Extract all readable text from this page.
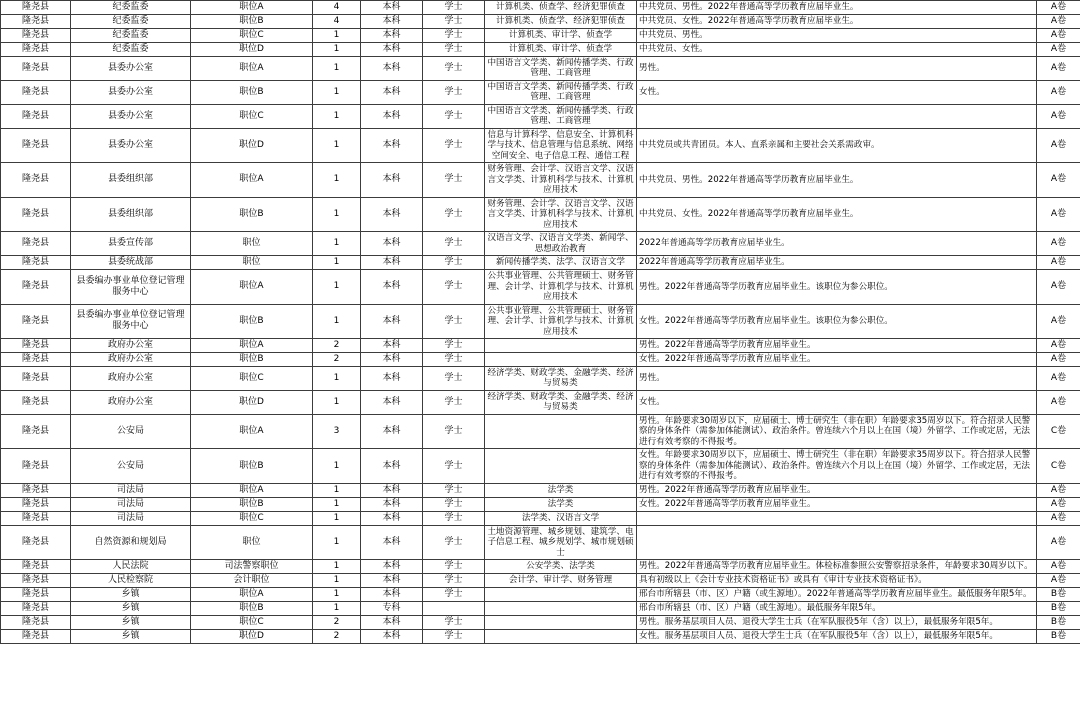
隆尧县	纪委监委	职位A	4	本科	学士	计算机类、侦查学、经济犯罪侦查	中共党员、男性。2022年普通高等学历教育应届毕业生。	A卷
隆尧县	纪委监委	职位B	4	本科	学士	计算机类、侦查学、经济犯罪侦查	中共党员、女性。2022年普通高等学历教育应届毕业生。	A卷
隆尧县	纪委监委	职位C	1	本科	学士	计算机类、审计学、侦查学	中共党员、男性。	A卷
隆尧县	纪委监委	职位D	1	本科	学士	计算机类、审计学、侦查学	中共党员、女性。	A卷
隆尧县	县委办公室	职位A	1	本科	学士	中国语言文学类、新闻传播学类、行政管理、工商管理	男性。	A卷
隆尧县	县委办公室	职位B	1	本科	学士	中国语言文学类、新闻传播学类、行政管理、工商管理	女性。	A卷
隆尧县	县委办公室	职位C	1	本科	学士	中国语言文学类、新闻传播学类、行政管理、工商管理		A卷
隆尧县	县委办公室	职位D	1	本科	学士	信息与计算科学、信息安全、计算机科学与技术、信息管理与信息系统、网络空间安全、电子信息工程、通信工程	中共党员或共青团员。本人、直系亲属和主要社会关系需政审。	A卷
隆尧县	县委组织部	职位A	1	本科	学士	财务管理、会计学、汉语言文学、汉语言文学类、计算机科学与技术、计算机应用技术	中共党员、男性。2022年普通高等学历教育应届毕业生。	A卷
隆尧县	县委组织部	职位B	1	本科	学士	财务管理、会计学、汉语言文学、汉语言文学类、计算机科学与技术、计算机应用技术	中共党员、女性。2022年普通高等学历教育应届毕业生。	A卷
隆尧县	县委宣传部	职位	1	本科	学士	汉语言文学、汉语言文学类、新闻学、思想政治教育	2022年普通高等学历教育应届毕业生。	A卷
隆尧县	县委统战部	职位	1	本科	学士	新闻传播学类、法学、汉语言文学	2022年普通高等学历教育应届毕业生。	A卷
隆尧县	县委编办事业单位登记管理服务中心	职位A	1	本科	学士	公共事业管理、公共管理硕士、财务管理、会计学、计算机学与技术、计算机应用技术	男性。2022年普通高等学历教育应届毕业生。该职位为参公职位。	A卷
隆尧县	县委编办事业单位登记管理服务中心	职位B	1	本科	学士	公共事业管理、公共管理硕士、财务管理、会计学、计算机学与技术、计算机应用技术	女性。2022年普通高等学历教育应届毕业生。该职位为参公职位。	A卷
隆尧县	政府办公室	职位A	2	本科	学士		男性。2022年普通高等学历教育应届毕业生。	A卷
隆尧县	政府办公室	职位B	2	本科	学士		女性。2022年普通高等学历教育应届毕业生。	A卷
隆尧县	政府办公室	职位C	1	本科	学士	经济学类、财政学类、金融学类、经济与贸易类	男性。	A卷
隆尧县	政府办公室	职位D	1	本科	学士	经济学类、财政学类、金融学类、经济与贸易类	女性。	A卷
隆尧县	公安局	职位A	3	本科	学士		男性。年龄要求30周岁以下，应届硕士、博士研究生（非在职）年龄要求35周岁以下。符合招录人民警察的身体条件（需参加体能测试）、政治条件。曾连续六个月以上在国（境）外留学、工作或定居，无法进行有效考察的不得报考。	C卷
隆尧县	公安局	职位B	1	本科	学士		女性。年龄要求30周岁以下，应届硕士、博士研究生（非在职）年龄要求35周岁以下。符合招录人民警察的身体条件（需参加体能测试）、政治条件。曾连续六个月以上在国（境）外留学、工作或定居，无法进行有效考察的不得报考。	C卷
隆尧县	司法局	职位A	1	本科	学士	法学类	男性。2022年普通高等学历教育应届毕业生。	A卷
隆尧县	司法局	职位B	1	本科	学士	法学类	女性。2022年普通高等学历教育应届毕业生。	A卷
隆尧县	司法局	职位C	1	本科	学士	法学类、汉语言文学		A卷
隆尧县	自然资源和规划局	职位	1	本科	学士	土地资源管理、城乡规划、建筑学、电子信息工程、城乡规划学、城市规划硕士		A卷
隆尧县	人民法院	司法警察职位	1	本科	学士	公安学类、法学类	男性。2022年普通高等学历教育应届毕业生。体检标准参照公安警察招录条件，年龄要求30周岁以下。	A卷
隆尧县	人民检察院	会计职位	1	本科	学士	会计学、审计学、财务管理	具有初级以上《会计专业技术资格证书》或具有《审计专业技术资格证书》。	A卷
隆尧县	乡镇	职位A	1	本科	学士		邢台市所辖县（市、区）户籍（或生源地）。2022年普通高等学历教育应届毕业生。最低服务年限5年。	B卷
隆尧县	乡镇	职位B	1	专科			邢台市所辖县（市、区）户籍（或生源地）。最低服务年限5年。	B卷
隆尧县	乡镇	职位C	2	本科	学士		男性。服务基层项目人员、退役大学生士兵（在军队服役5年（含）以上），最低服务年限5年。	B卷
隆尧县	乡镇	职位D	2	本科	学士		女性。服务基层项目人员、退役大学生士兵（在军队服役5年（含）以上），最低服务年限5年。	B卷
